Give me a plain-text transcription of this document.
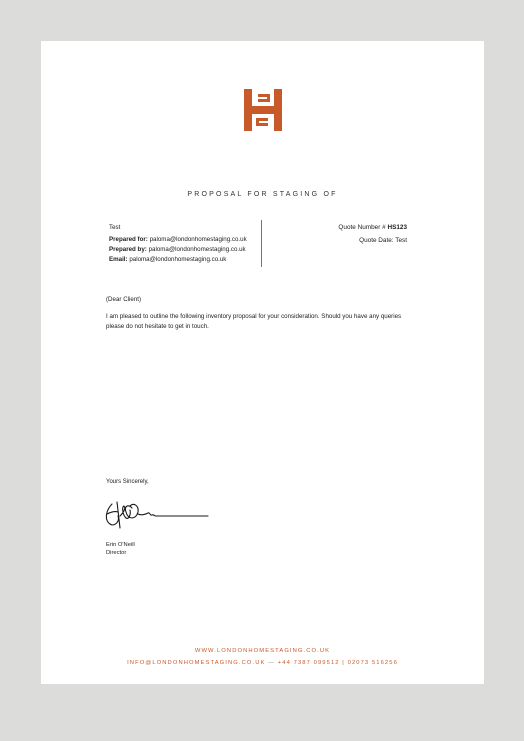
PROPOSAL FOR STAGING OF
Test
Prepared for: paloma@londonhomestaging.co.uk
Prepared by: paloma@londonhomestaging.co.uk
Email: paloma@londonhomestaging.co.uk
Quote Number # HS123
Quote Date: Test
(Dear Client)
I am pleased to outline the following inventory proposal for your consideration. Should you have any queries please do not hesitate to get in touch.
Yours Sincerely,
Erin O'Neill
Director
WWW.LONDONHOMESTAGING.CO.UK
INFO@LONDONHOMESTAGING.CO.UK — +44 7387 099512 | 02073 516256
